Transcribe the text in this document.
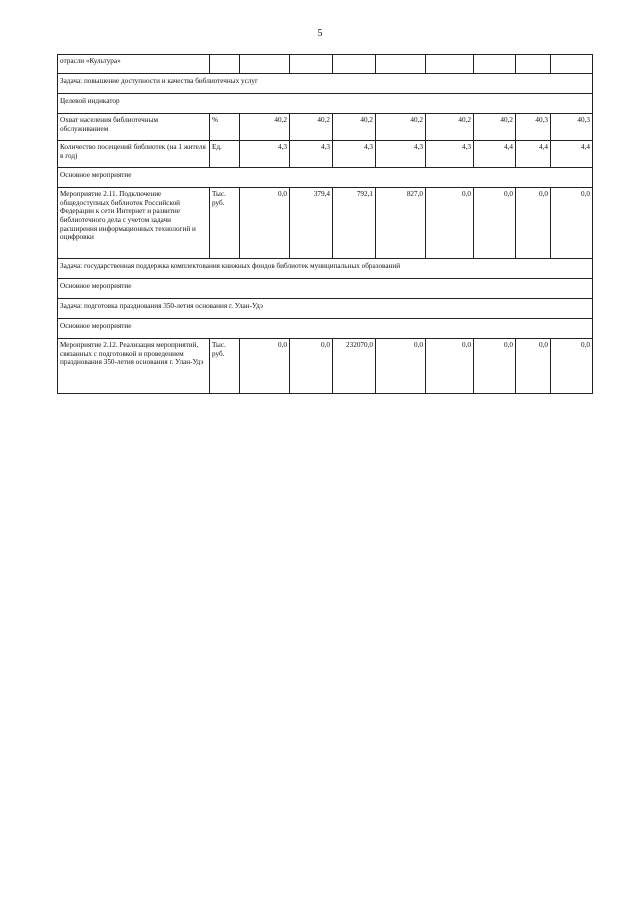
5
отрасли «Культура»									
Задача: повышение доступности и качества библиотечных услуг									
Целевой индикатор									
Охват населения библиотечным обслуживанием	%	40,2	40,2	40,2	40,2	40,2	40,2	40,3	40,3
Количество посещений библиотек (на 1 жителя в год)	Ед.	4,3	4,3	4,3	4,3	4,3	4,4	4,4	4,4
Основное мероприятие									
Мероприятие 2.11. Подключение общедоступных библиотек Российской Федерации к сети Интернет и развитие библиотечного дела с учетом задачи расширения информационных технологий и оцифровки	Тыс. руб.	0,0	379,4	792,1	827,0	0,0	0,0	0,0	0,0
Задача: государственная поддержка комплектования книжных фондов библиотек муниципальных образований									
Основное мероприятие									
Задача: подготовка празднования 350-летия основания г. Улан-Удэ									
Основное мероприятие									
Мероприятие 2.12. Реализация мероприятий, связанных с подготовкой и проведением празднования 350-летия основания г. Улан-Удэ	Тыс. руб.	0,0	0,0	232070,0	0,0	0,0	0,0	0,0	0,0
